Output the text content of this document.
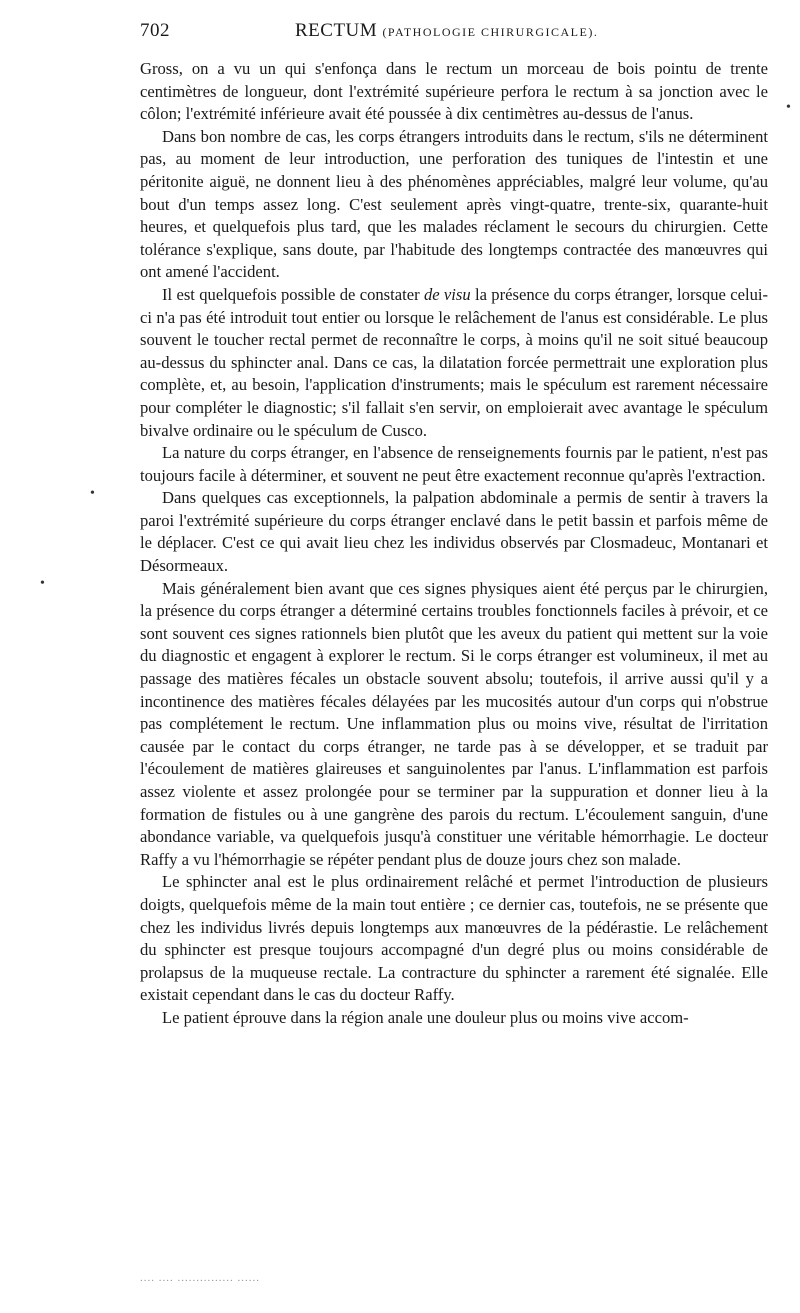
702	RECTUM (PATHOLOGIE CHIRURGICALE).

Gross, on a vu un qui s'enfonça dans le rectum un morceau de bois pointu de trente centimètres de longueur, dont l'extrémité supérieure perfora le rectum à sa jonction avec le côlon; l'extrémité inférieure avait été poussée à dix centimètres au-dessus de l'anus.

Dans bon nombre de cas, les corps étrangers introduits dans le rectum, s'ils ne déterminent pas, au moment de leur introduction, une perforation des tuniques de l'intestin et une péritonite aiguë, ne donnent lieu à des phénomènes appréciables, malgré leur volume, qu'au bout d'un temps assez long. C'est seulement après vingt-quatre, trente-six, quarante-huit heures, et quelquefois plus tard, que les malades réclament le secours du chirurgien. Cette tolérance s'explique, sans doute, par l'habitude des longtemps contractée des manœuvres qui ont amené l'accident.

Il est quelquefois possible de constater de visu la présence du corps étranger, lorsque celui-ci n'a pas été introduit tout entier ou lorsque le relâchement de l'anus est considérable. Le plus souvent le toucher rectal permet de reconnaître le corps, à moins qu'il ne soit situé beaucoup au-dessus du sphincter anal. Dans ce cas, la dilatation forcée permettrait une exploration plus complète, et, au besoin, l'application d'instruments; mais le spéculum est rarement nécessaire pour compléter le diagnostic; s'il fallait s'en servir, on emploierait avec avantage le spéculum bivalve ordinaire ou le spéculum de Cusco.

La nature du corps étranger, en l'absence de renseignements fournis par le patient, n'est pas toujours facile à déterminer, et souvent ne peut être exactement reconnue qu'après l'extraction.

Dans quelques cas exceptionnels, la palpation abdominale a permis de sentir à travers la paroi l'extrémité supérieure du corps étranger enclavé dans le petit bassin et parfois même de le déplacer. C'est ce qui avait lieu chez les individus observés par Closmadeuc, Montanari et Désormeaux.

Mais généralement bien avant que ces signes physiques aient été perçus par le chirurgien, la présence du corps étranger a déterminé certains troubles fonctionnels faciles à prévoir, et ce sont souvent ces signes rationnels bien plutôt que les aveux du patient qui mettent sur la voie du diagnostic et engagent à explorer le rectum. Si le corps étranger est volumineux, il met au passage des matières fécales un obstacle souvent absolu; toutefois, il arrive aussi qu'il y a incontinence des matières fécales délayées par les mucosités autour d'un corps qui n'obstrue pas complétement le rectum. Une inflammation plus ou moins vive, résultat de l'irritation causée par le contact du corps étranger, ne tarde pas à se développer, et se traduit par l'écoulement de matières glaireuses et sanguinolentes par l'anus. L'inflammation est parfois assez violente et assez prolongée pour se terminer par la suppuration et donner lieu à la formation de fistules ou à une gangrène des parois du rectum. L'écoulement sanguin, d'une abondance variable, va quelquefois jusqu'à constituer une véritable hémorrhagie. Le docteur Raffy a vu l'hémorrhagie se répéter pendant plus de douze jours chez son malade.

Le sphincter anal est le plus ordinairement relâché et permet l'introduction de plusieurs doigts, quelquefois même de la main tout entière ; ce dernier cas, toutefois, ne se présente que chez les individus livrés depuis longtemps aux manœuvres de la pédérastie. Le relâchement du sphincter est presque toujours accompagné d'un degré plus ou moins considérable de prolapsus de la muqueuse rectale. La contracture du sphincter a rarement été signalée. Elle existait cependant dans le cas du docteur Raffy.

Le patient éprouve dans la région anale une douleur plus ou moins vive accom-

•
•
•
.... .... ............... ......
